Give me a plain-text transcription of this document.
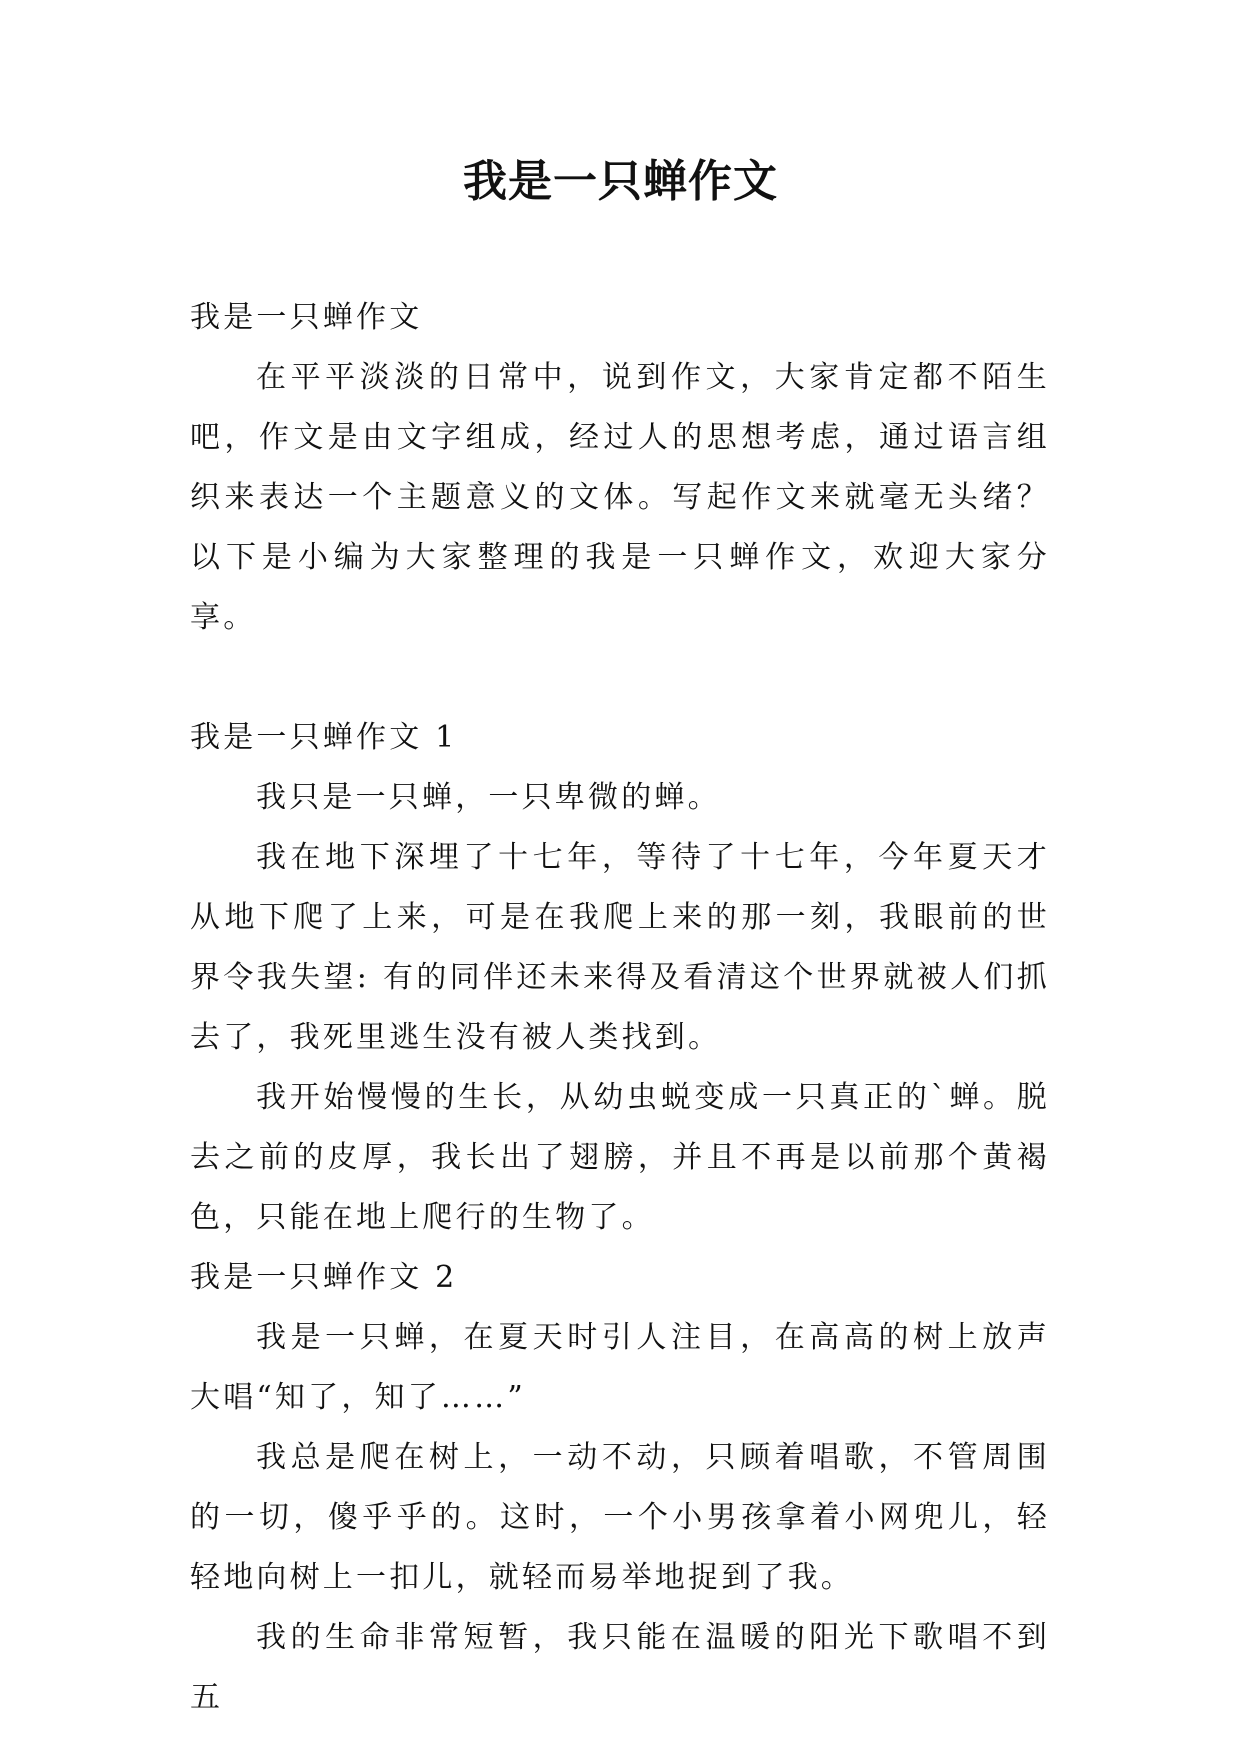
我是一只蝉作文

我是一只蝉作文

在平平淡淡的日常中，说到作文，大家肯定都不陌生吧，作文是由文字组成，经过人的思想考虑，通过语言组织来表达一个主题意义的文体。写起作文来就毫无头绪？以下是小编为大家整理的我是一只蝉作文，欢迎大家分享。

我是一只蝉作文 1

我只是一只蝉，一只卑微的蝉。

我在地下深埋了十七年，等待了十七年，今年夏天才从地下爬了上来，可是在我爬上来的那一刻，我眼前的世界令我失望: 有的同伴还未来得及看清这个世界就被人们抓去了，我死里逃生没有被人类找到。

我开始慢慢的生长，从幼虫蜕变成一只真正的`蝉。脱去之前的皮厚，我长出了翅膀，并且不再是以前那个黄褐色，只能在地上爬行的生物了。

我是一只蝉作文 2

我是一只蝉，在夏天时引人注目，在高高的树上放声大唱“知了，知了……”

我总是爬在树上，一动不动，只顾着唱歌，不管周围的一切，傻乎乎的。这时，一个小男孩拿着小网兜儿，轻轻地向树上一扣儿，就轻而易举地捉到了我。

我的生命非常短暂，我只能在温暖的阳光下歌唱不到五
